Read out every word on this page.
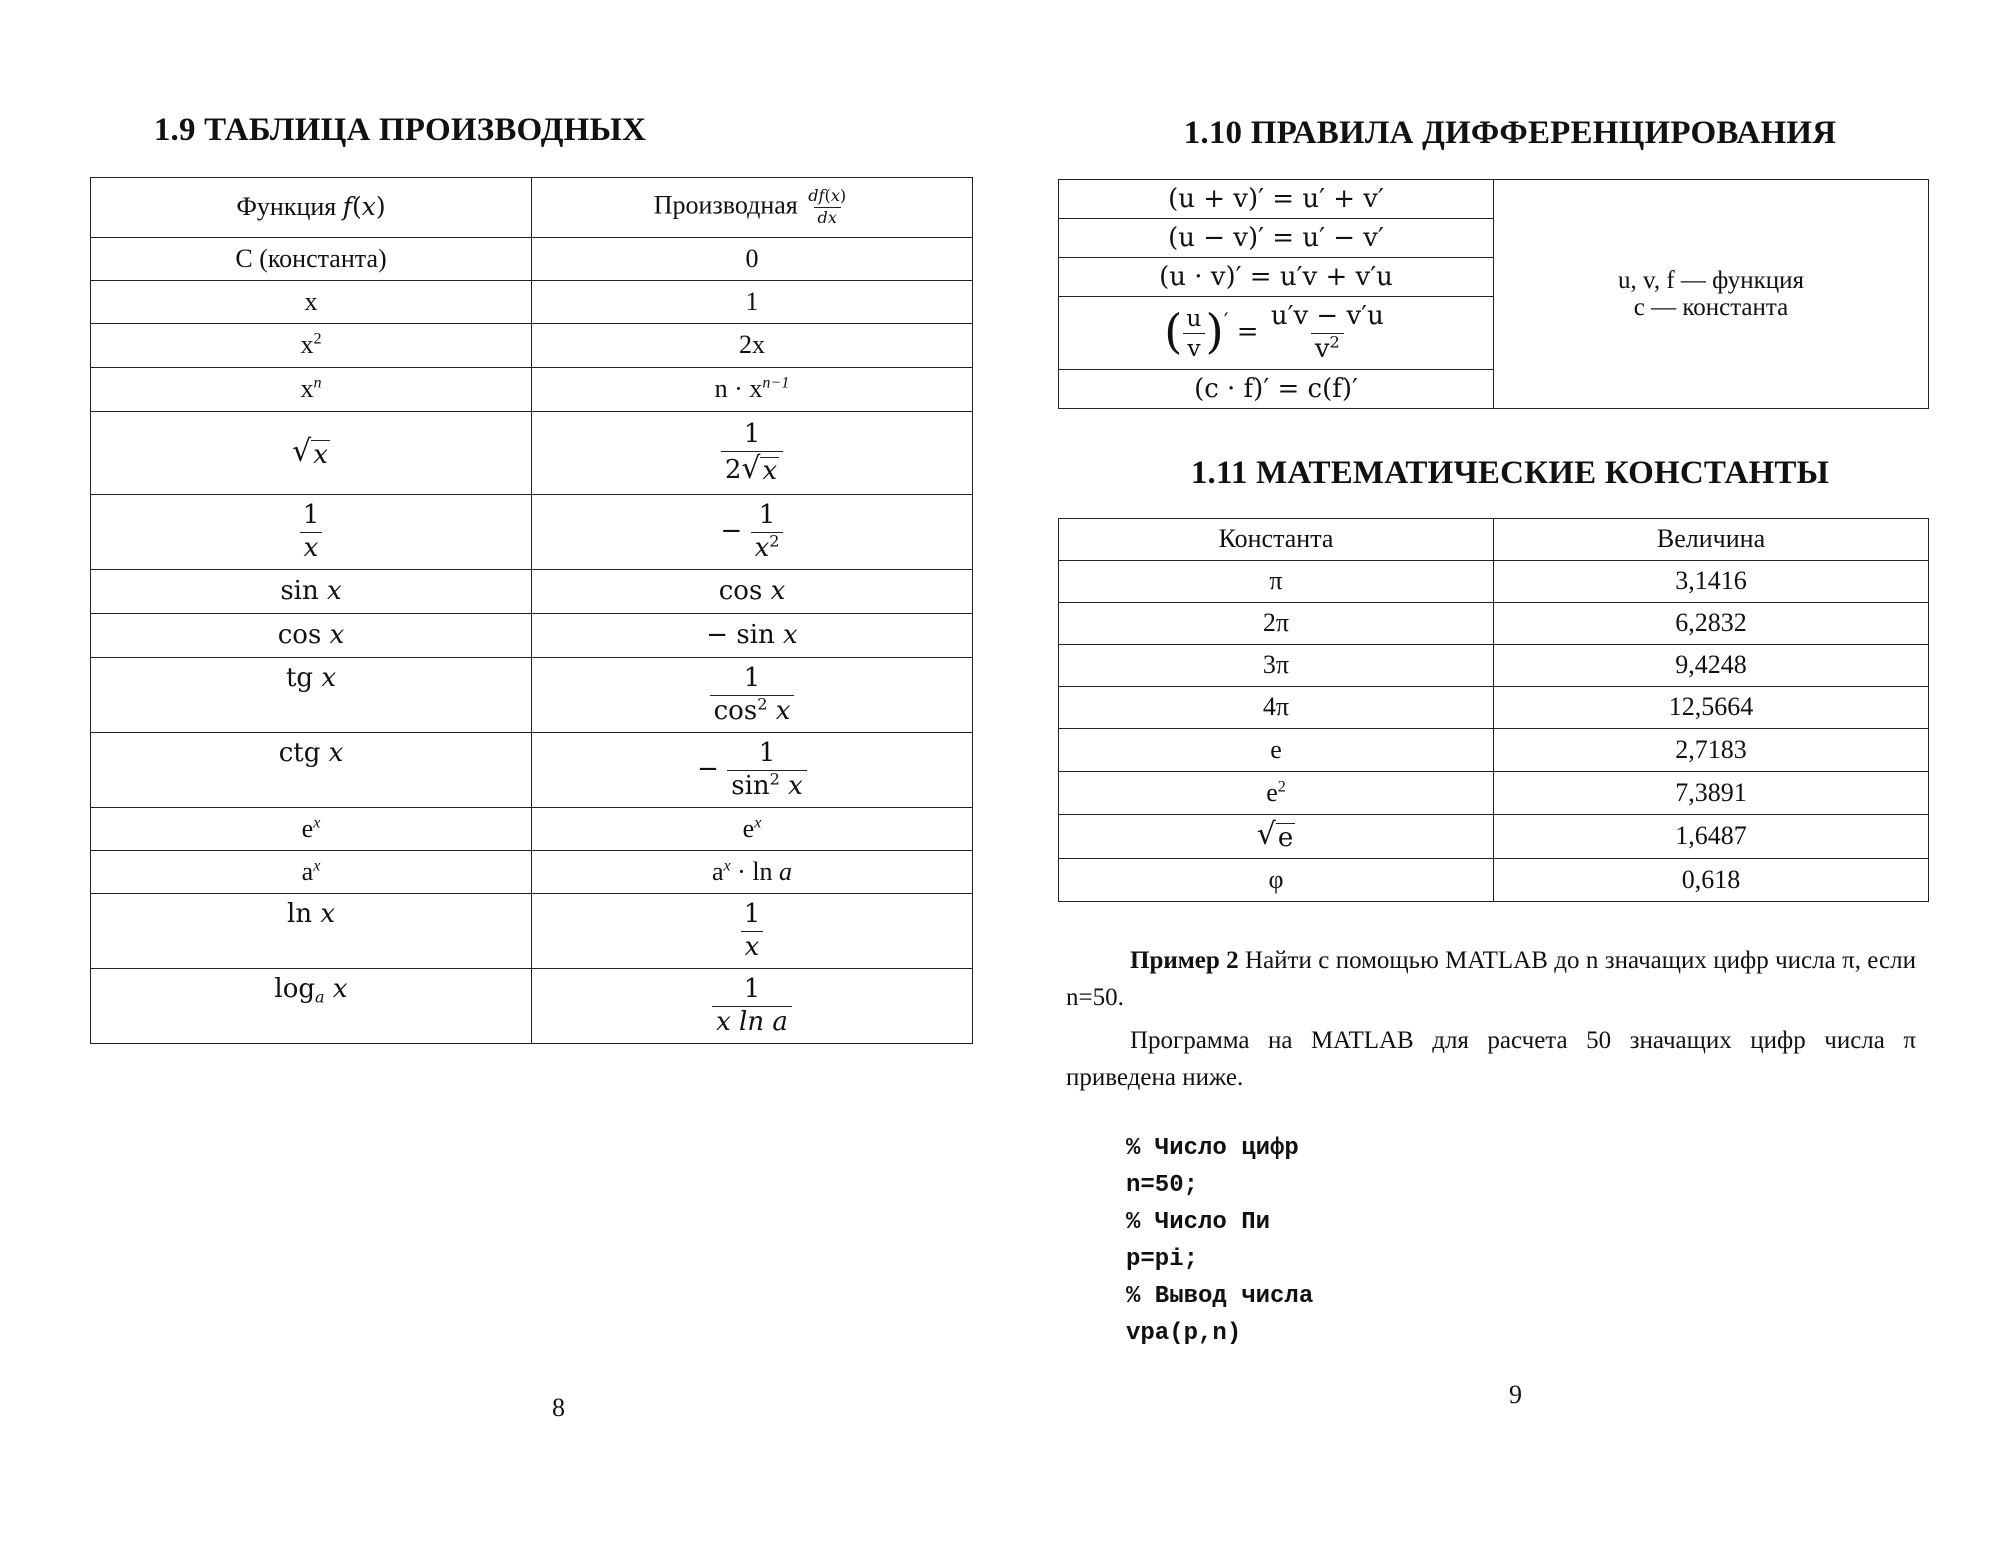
1.9 ТАБЛИЦА ПРОИЗВОДНЫХ
Функция f(x)	Производная $\frac{df(x)}{dx}$

С (константа)	0
x	1
$x^2$	2x
$x^n$	$n \cdot x^{n-1}$

√ x	$\frac{1}{2 √ x}$

$\frac{1}{x}$	− $\frac{1}{x^2}$

sin x	cos x
cos x	− sin x
tg x	$\frac{1}{\cos^2 x}$

ctg x	− $\frac{1}{\sin^2 x}$

$e^x$	$e^x$
$a^x$	$a^x \cdot \ln a$
ln x	$\frac{1}{x}$

$\log_a x$	$\frac{1}{\text{x ln a}}$
8
1.10 ПРАВИЛА ДИФФЕРЕНЦИРОВАНИЯ
(u + v)′ = u′ + v′	
u, v, f — функция
c — константа

(u − v)′ = u′ − v′
(u · v)′ = u′v + v′u
( $\frac{u}{v} )' = \frac{u'v - v'u}{v^2}$

(c · f)′ = c(f)′
1.11 МАТЕМАТИЧЕСКИЕ КОНСТАНТЫ
Константа	Величина
π	3,1416
2π	6,2832
3π	9,4248
4π	12,5664
e	2,7183
$e^2$	7,3891

√ e	1,6487
φ	0,618

Пример 2 Найти с помощью MATLAB до n значащих цифр числа π, если n=50.

Программа на MATLAB для расчета 50 значащих цифр числа π приведена ниже.

% Число цифр
n=50;
% Число Пи
p=pi;
% Вывод числа
vpa(p,n)
9
